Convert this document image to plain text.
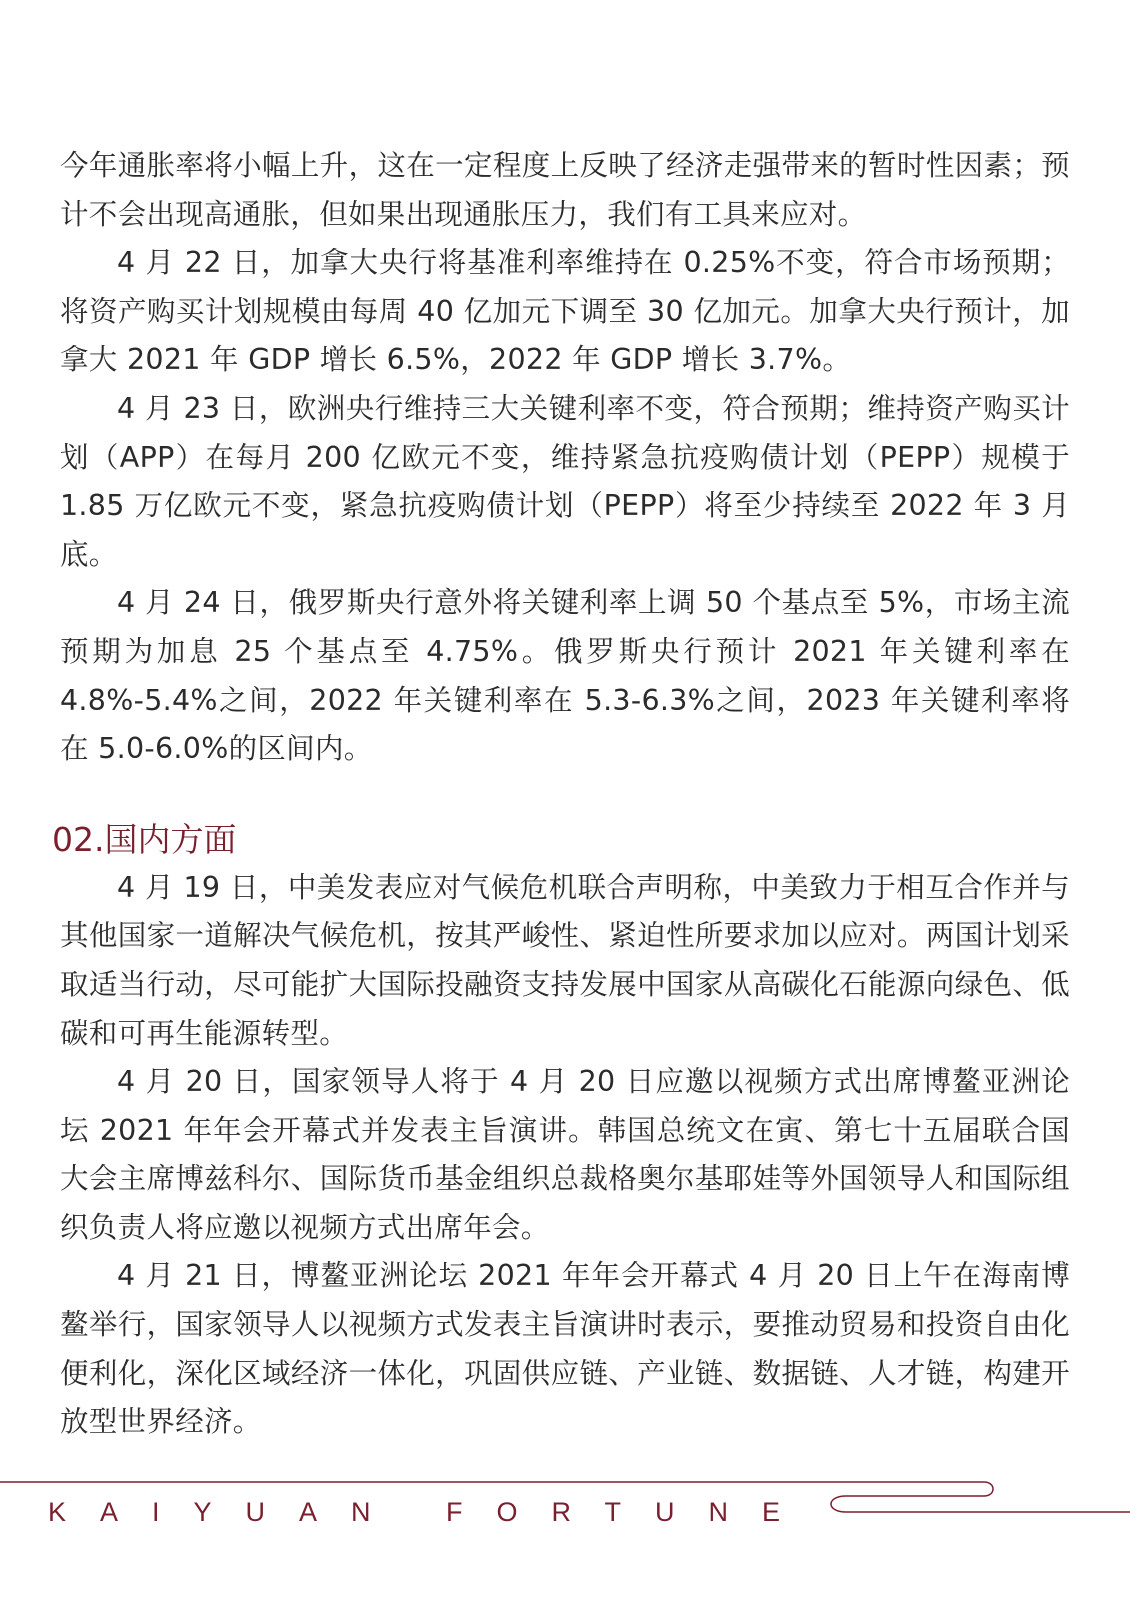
今年通胀率将小幅上升，这在一定程度上反映了经济走强带来的暂时性因素；预计不会出现高通胀，但如果出现通胀压力，我们有工具来应对。

4 月 22 日，加拿大央行将基准利率维持在 0.25%不变，符合市场预期；将资产购买计划规模由每周 40 亿加元下调至 30 亿加元。加拿大央行预计，加拿大 2021 年 GDP 增长 6.5%，2022 年 GDP 增长 3.7%。

4 月 23 日，欧洲央行维持三大关键利率不变，符合预期；维持资产购买计划（APP）在每月 200 亿欧元不变，维持紧急抗疫购债计划（PEPP）规模于 1.85 万亿欧元不变，紧急抗疫购债计划（PEPP）将至少持续至 2022 年 3 月底。

4 月 24 日，俄罗斯央行意外将关键利率上调 50 个基点至 5%，市场主流预期为加息 25 个基点至 4.75%。俄罗斯央行预计 2021 年关键利率在 4.8%-5.4%之间，2022 年关键利率在 5.3-6.3%之间，2023 年关键利率将在 5.0-6.0%的区间内。

02.国内方面

4 月 19 日，中美发表应对气候危机联合声明称，中美致力于相互合作并与其他国家一道解决气候危机，按其严峻性、紧迫性所要求加以应对。两国计划采取适当行动，尽可能扩大国际投融资支持发展中国家从高碳化石能源向绿色、低碳和可再生能源转型。

4 月 20 日，国家领导人将于 4 月 20 日应邀以视频方式出席博鳌亚洲论坛 2021 年年会开幕式并发表主旨演讲。韩国总统文在寅、第七十五届联合国大会主席博兹科尔、国际货币基金组织总裁格奥尔基耶娃等外国领导人和国际组织负责人将应邀以视频方式出席年会。

4 月 21 日，博鳌亚洲论坛 2021 年年会开幕式 4 月 20 日上午在海南博鳌举行，国家领导人以视频方式发表主旨演讲时表示，要推动贸易和投资自由化便利化，深化区域经济一体化，巩固供应链、产业链、数据链、人才链，构建开放型世界经济。

KAIYUAN FORTUNE
